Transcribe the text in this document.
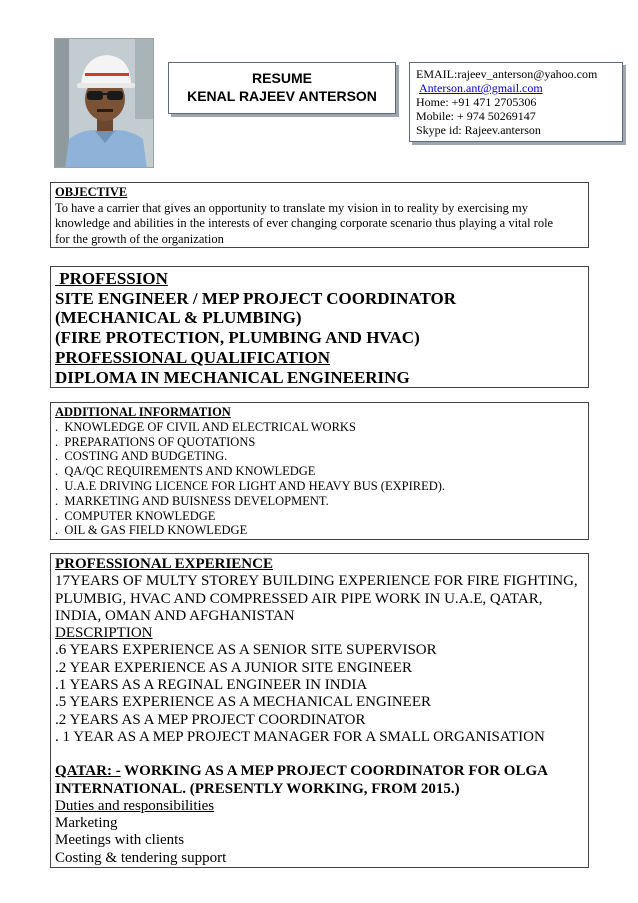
RESUME
KENAL RAJEEV ANTERSON
EMAIL:rajeev_anterson@yahoo.com
Anterson.ant@gmail.com
Home: +91 471 2705306
Mobile: + 974 50269147
Skype id: Rajeev.anterson
OBJECTIVE
To have a carrier that gives an opportunity to translate my vision in to reality by exercising my
knowledge and abilities in the interests of ever changing corporate scenario thus playing a vital role
for the growth of the organization
PROFESSION
SITE ENGINEER / MEP PROJECT COORDINATOR
(MECHANICAL & PLUMBING)
(FIRE PROTECTION, PLUMBING AND HVAC)
PROFESSIONAL QUALIFICATION
DIPLOMA IN MECHANICAL ENGINEERING
ADDITIONAL INFORMATION
.  KNOWLEDGE OF CIVIL AND ELECTRICAL WORKS
.  PREPARATIONS OF QUOTATIONS
.  COSTING AND BUDGETING.
.  QA/QC REQUIREMENTS AND KNOWLEDGE
.  U.A.E DRIVING LICENCE FOR LIGHT AND HEAVY BUS (EXPIRED).
.  MARKETING AND BUISNESS DEVELOPMENT.
.  COMPUTER KNOWLEDGE
.  OIL & GAS FIELD KNOWLEDGE
PROFESSIONAL EXPERIENCE
17YEARS OF MULTY STOREY BUILDING EXPERIENCE FOR FIRE FIGHTING,
PLUMBIG, HVAC AND COMPRESSED AIR PIPE WORK IN U.A.E, QATAR,
INDIA, OMAN AND AFGHANISTAN
DESCRIPTION
.6 YEARS EXPERIENCE AS A SENIOR SITE SUPERVISOR
.2 YEAR EXPERIENCE AS A JUNIOR SITE ENGINEER
.1 YEARS AS A REGINAL ENGINEER IN INDIA
.5 YEARS EXPERIENCE AS A MECHANICAL ENGINEER
.2 YEARS AS A MEP PROJECT COORDINATOR
. 1 YEAR AS A MEP PROJECT MANAGER FOR A SMALL ORGANISATION
QATAR: - WORKING AS A MEP PROJECT COORDINATOR FOR OLGA
INTERNATIONAL. (PRESENTLY WORKING, FROM 2015.)
Duties and responsibilities
Marketing
Meetings with clients
Costing & tendering support
